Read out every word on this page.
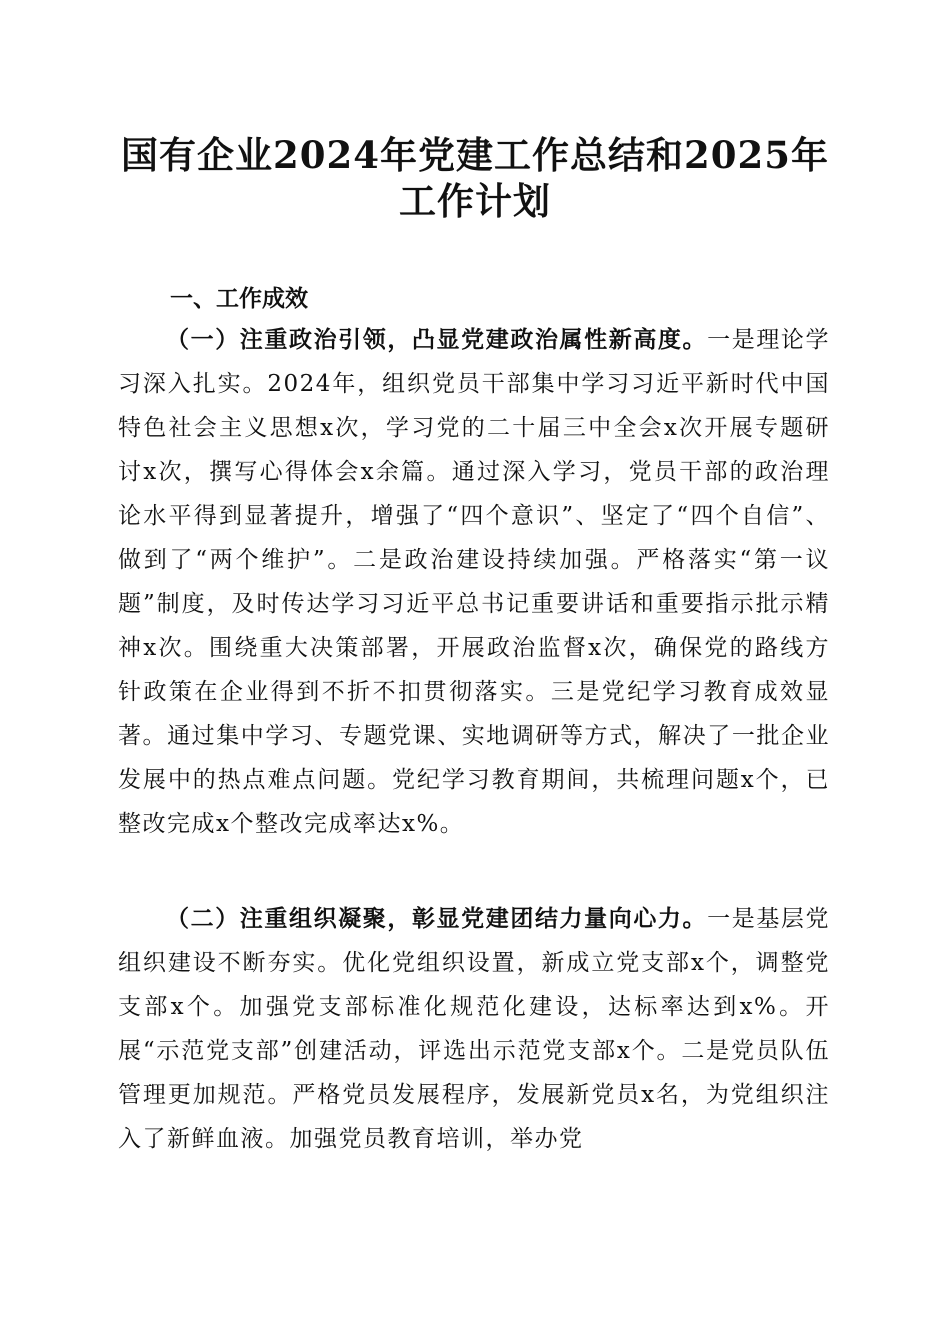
国有企业2024年党建工作总结和2025年工作计划
一、工作成效
（一）注重政治引领，凸显党建政治属性新高度。一是理论学习深入扎实。2024年，组织党员干部集中学习习近平新时代中国特色社会主义思想x次，学习党的二十届三中全会x次开展专题研讨x次，撰写心得体会x余篇。通过深入学习，党员干部的政治理论水平得到显著提升，增强了“四个意识”、坚定了“四个自信”、做到了“两个维护”。二是政治建设持续加强。严格落实“第一议题”制度，及时传达学习习近平总书记重要讲话和重要指示批示精神x次。围绕重大决策部署，开展政治监督x次，确保党的路线方针政策在企业得到不折不扣贯彻落实。三是党纪学习教育成效显著。通过集中学习、专题党课、实地调研等方式，解决了一批企业发展中的热点难点问题。党纪学习教育期间，共梳理问题x个，已整改完成x个整改完成率达x%。
（二）注重组织凝聚，彰显党建团结力量向心力。一是基层党组织建设不断夯实。优化党组织设置，新成立党支部x个，调整党支部x个。加强党支部标准化规范化建设，达标率达到x%。开展“示范党支部”创建活动，评选出示范党支部x个。二是党员队伍管理更加规范。严格党员发展程序，发展新党员x名，为党组织注入了新鲜血液。加强党员教育培训，举办党
